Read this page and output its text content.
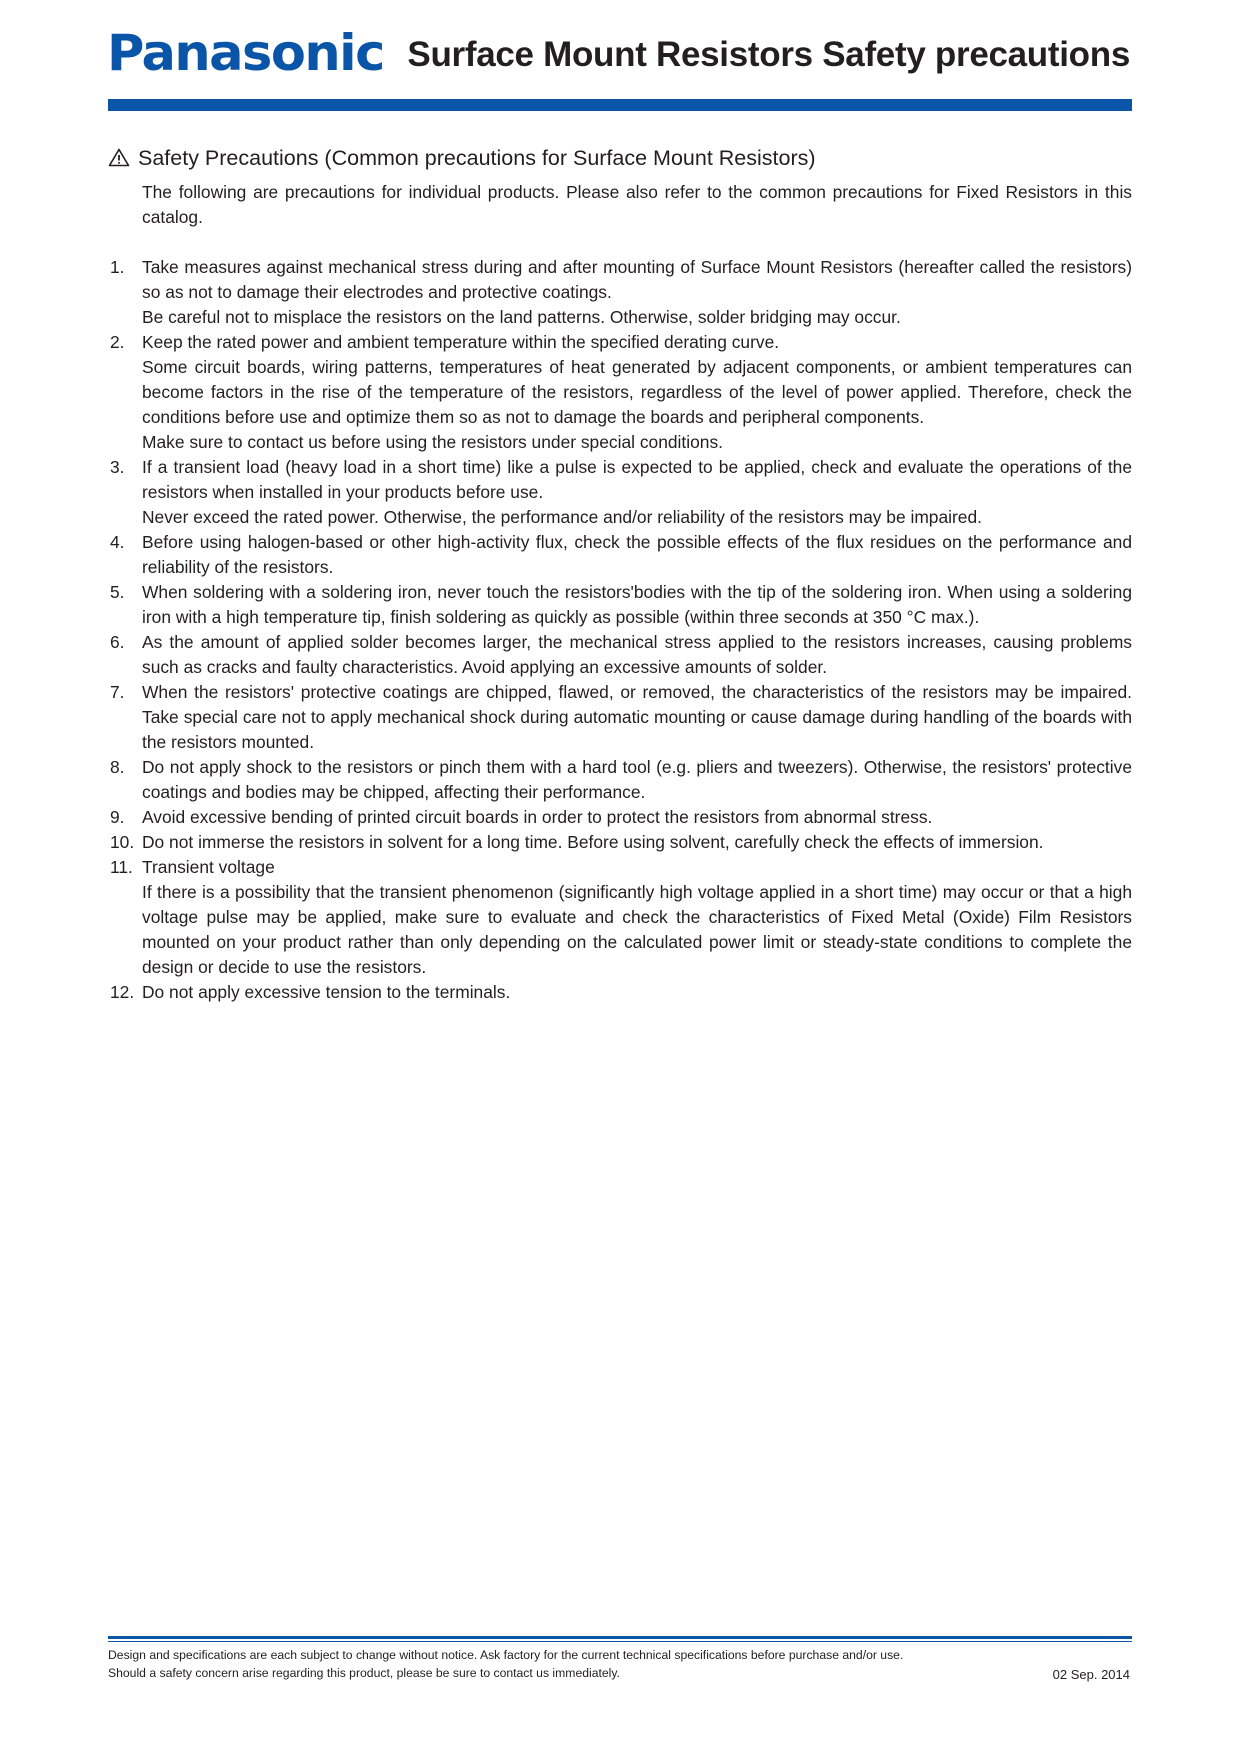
Panasonic Surface Mount Resistors Safety precautions
Safety Precautions (Common precautions for Surface Mount Resistors)
The following are precautions for individual products. Please also refer to the common precautions for Fixed Resistors in this catalog.
1. Take measures against mechanical stress during and after mounting of Surface Mount Resistors (hereafter called the resistors) so as not to damage their electrodes and protective coatings.
Be careful not to misplace the resistors on the land patterns. Otherwise, solder bridging may occur.
2. Keep the rated power and ambient temperature within the specified derating curve.
Some circuit boards, wiring patterns, temperatures of heat generated by adjacent components, or ambient temperatures can become factors in the rise of the temperature of the resistors, regardless of the level of power applied. Therefore, check the conditions before use and optimize them so as not to damage the boards and peripheral components.
Make sure to contact us before using the resistors under special conditions.
3. If a transient load (heavy load in a short time) like a pulse is expected to be applied, check and evaluate the operations of the resistors when installed in your products before use.
Never exceed the rated power. Otherwise, the performance and/or reliability of the resistors may be impaired.
4. Before using halogen-based or other high-activity flux, check the possible effects of the flux residues on the performance and reliability of the resistors.
5. When soldering with a soldering iron, never touch the resistors'bodies with the tip of the soldering iron. When using a soldering iron with a high temperature tip, finish soldering as quickly as possible (within three seconds at 350 °C max.).
6. As the amount of applied solder becomes larger, the mechanical stress applied to the resistors increases, causing problems such as cracks and faulty characteristics. Avoid applying an excessive amounts of solder.
7. When the resistors' protective coatings are chipped, flawed, or removed, the characteristics of the resistors may be impaired. Take special care not to apply mechanical shock during automatic mounting or cause damage during handling of the boards with the resistors mounted.
8. Do not apply shock to the resistors or pinch them with a hard tool (e.g. pliers and tweezers). Otherwise, the resistors' protective coatings and bodies may be chipped, affecting their performance.
9. Avoid excessive bending of printed circuit boards in order to protect the resistors from abnormal stress.
10. Do not immerse the resistors in solvent for a long time. Before using solvent, carefully check the effects of immersion.
11. Transient voltage
If there is a possibility that the transient phenomenon (significantly high voltage applied in a short time) may occur or that a high voltage pulse may be applied, make sure to evaluate and check the characteristics of Fixed Metal (Oxide) Film Resistors mounted on your product rather than only depending on the calculated power limit or steady-state conditions to complete the design or decide to use the resistors.
12. Do not apply excessive tension to the terminals.
Design and specifications are each subject to change without notice. Ask factory for the current technical specifications before purchase and/or use.
Should a safety concern arise regarding this product, please be sure to contact us immediately.	02 Sep. 2014
